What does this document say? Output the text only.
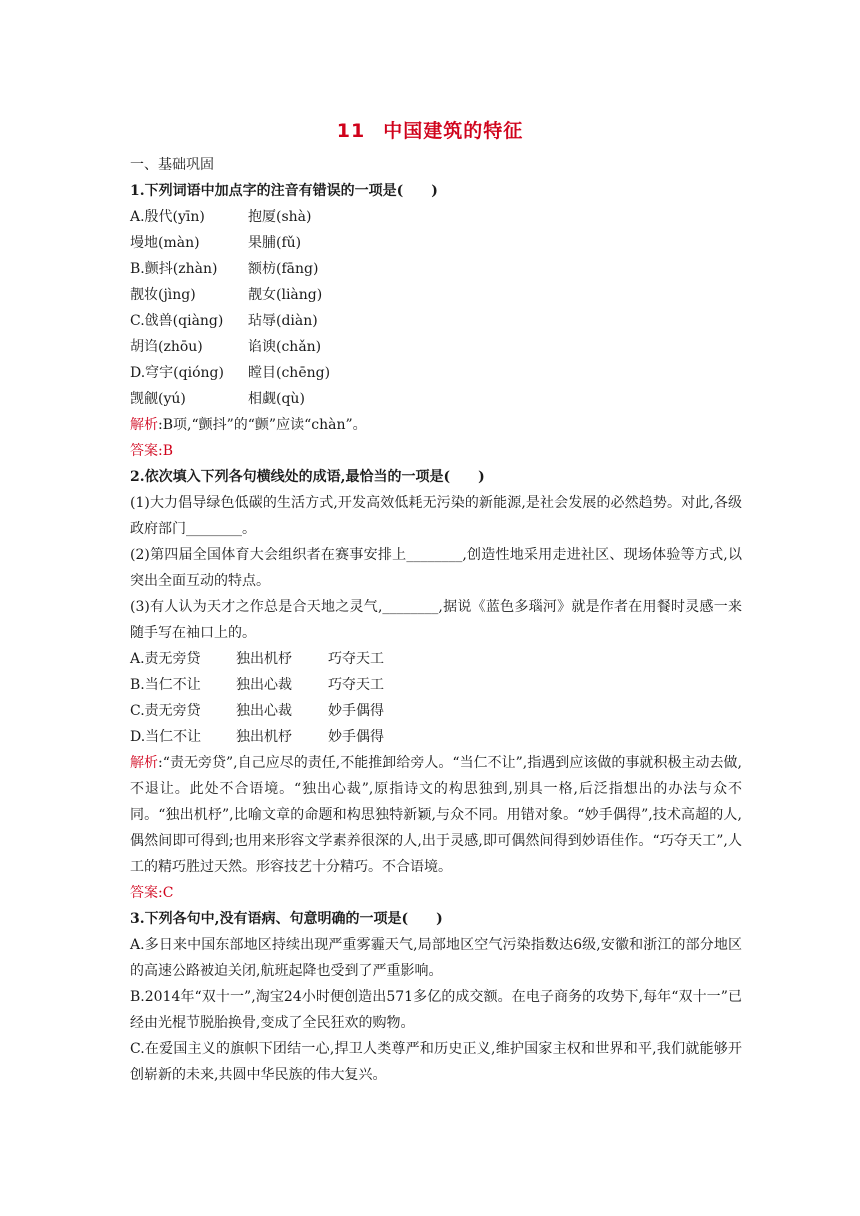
11 中国建筑的特征
一、基础巩固
1.下列词语中加点字的注音有错误的一项是(　　)
A.殷代(yīn)	抱厦(shà)
墁地(màn)	果脯(fǔ)
B.颤抖(zhàn) 额枋(fāng)
靓妆(jìng)	靓女(liàng)
C.戗兽(qiàng) 玷辱(diàn)
胡诌(zhōu)	谄谀(chǎn)
D.穹宇(qióng) 瞠目(chēng)
觊觎(yú)	相觑(qù)
解析:B项,“颤抖”的“颤”应读“chàn”。
答案:B
2.依次填入下列各句横线处的成语,最恰当的一项是(　　)
(1)大力倡导绿色低碳的生活方式,开发高效低耗无污染的新能源,是社会发展的必然趋势。对此,各级政府部门________。
(2)第四届全国体育大会组织者在赛事安排上________,创造性地采用走进社区、现场体验等方式,以突出全面互动的特点。
(3)有人认为天才之作总是合天地之灵气,________,据说《蓝色多瑙河》就是作者在用餐时灵感一来随手写在袖口上的。
A.责无旁贷	独出机杼	巧夺天工
B.当仁不让	独出心裁	巧夺天工
C.责无旁贷	独出心裁	妙手偶得
D.当仁不让 独出机杼	妙手偶得
解析:“责无旁贷”,自己应尽的责任,不能推卸给旁人。“当仁不让”,指遇到应该做的事就积极主动去做,不退让。此处不合语境。“独出心裁”,原指诗文的构思独到,别具一格,后泛指想出的办法与众不同。“独出机杼”,比喻文章的命题和构思独特新颖,与众不同。用错对象。“妙手偶得”,技术高超的人,偶然间即可得到;也用来形容文学素养很深的人,出于灵感,即可偶然间得到妙语佳作。“巧夺天工”,人工的精巧胜过天然。形容技艺十分精巧。不合语境。
答案:C
3.下列各句中,没有语病、句意明确的一项是(　　)
A.多日来中国东部地区持续出现严重雾霾天气,局部地区空气污染指数达6级,安徽和浙江的部分地区的高速公路被迫关闭,航班起降也受到了严重影响。
B.2014年“双十一”,淘宝24小时便创造出571多亿的成交额。在电子商务的攻势下,每年“双十一”已经由光棍节脱胎换骨,变成了全民狂欢的购物。
C.在爱国主义的旗帜下团结一心,捍卫人类尊严和历史正义,维护国家主权和世界和平,我们就能够开创崭新的未来,共圆中华民族的伟大复兴。
